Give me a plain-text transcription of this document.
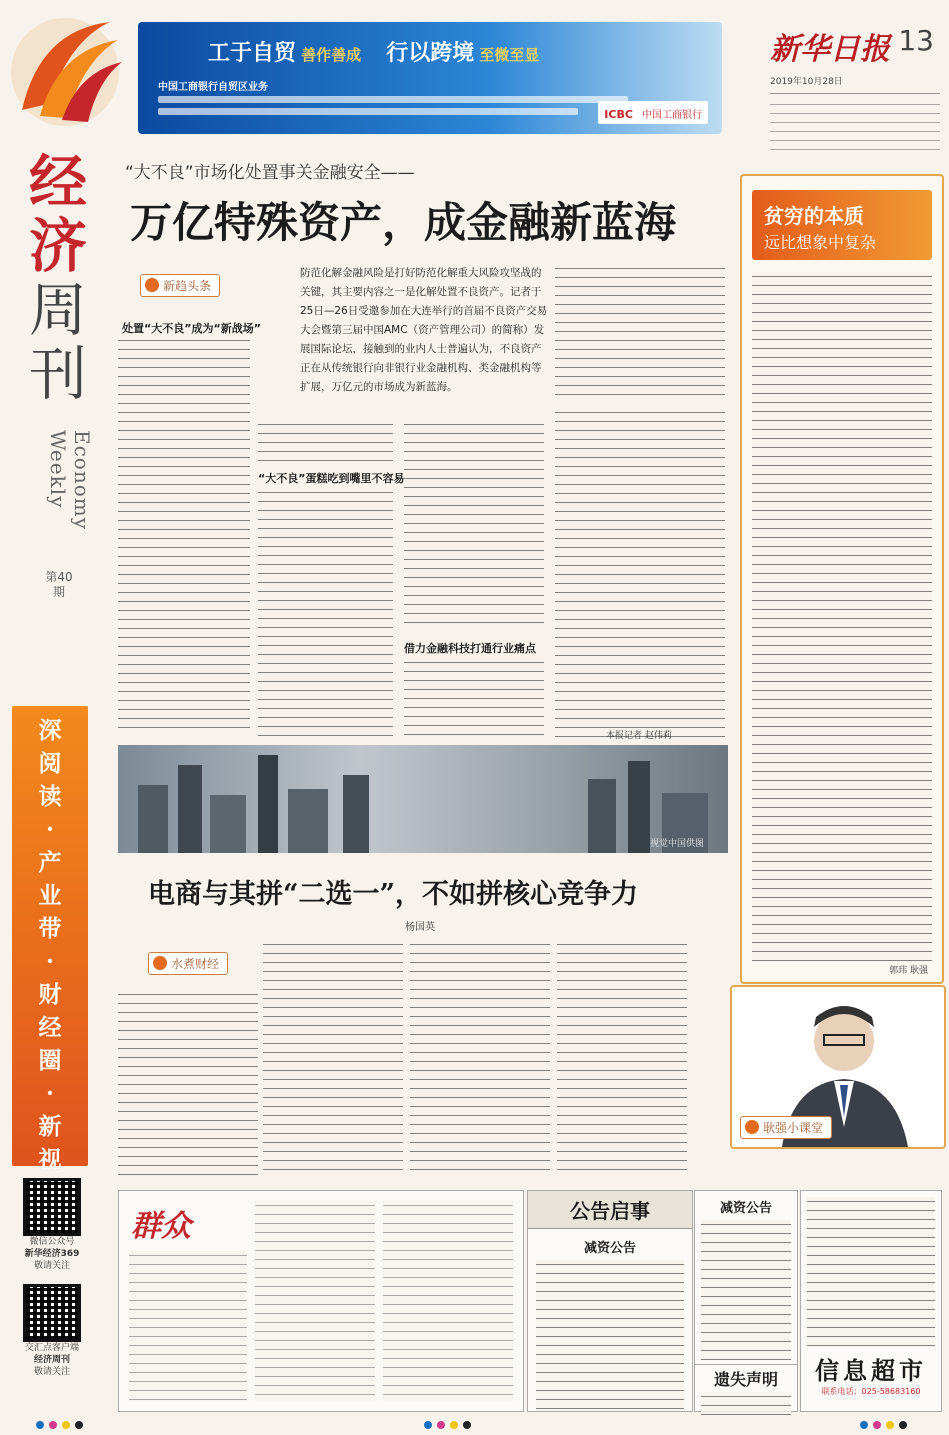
经
济
周
刊
Economy Weekly
第40期
深
阅
读
·
产
业
带
·
财
经
圈
·
新
视
微信公众号
新华经济369
敬请关注
交汇点客户端
经济周刊
敬请关注
工于自贸 善作善成 行以跨境 至微至显
中国工商银行自贸区业务
ICBC 中国工商银行
新华日报 13
2019年10月28日
“大不良”市场化处置事关金融安全——
万亿特殊资产，成金融新蓝海
新趋头条
处置“大不良”成为“新战场”
防范化解金融风险是打好防范化解重大风险攻坚战的关键，其主要内容之一是化解处置不良资产。记者于25日—26日受邀参加在大连举行的首届不良资产交易大会暨第三届中国AMC（资产管理公司）的简称）发展国际论坛，接触到的业内人士普遍认为，不良资产正在从传统银行向非银行业金融机构、类金融机构等扩展，万亿元的市场成为新蓝海。
“大不良”蛋糕吃到嘴里不容易
借力金融科技打通行业痛点
本报记者 赵伟莉
视觉中国供图
贫穷的本质
远比想象中复杂
郭玮 耿强
电商与其拼“二选一”，不如拼核心竞争力
杨国英
水煮财经
耿强小课堂
群众	公告启事
减资公告
减资公告
遗失声明	信息超市
联系电话：025-58683160
